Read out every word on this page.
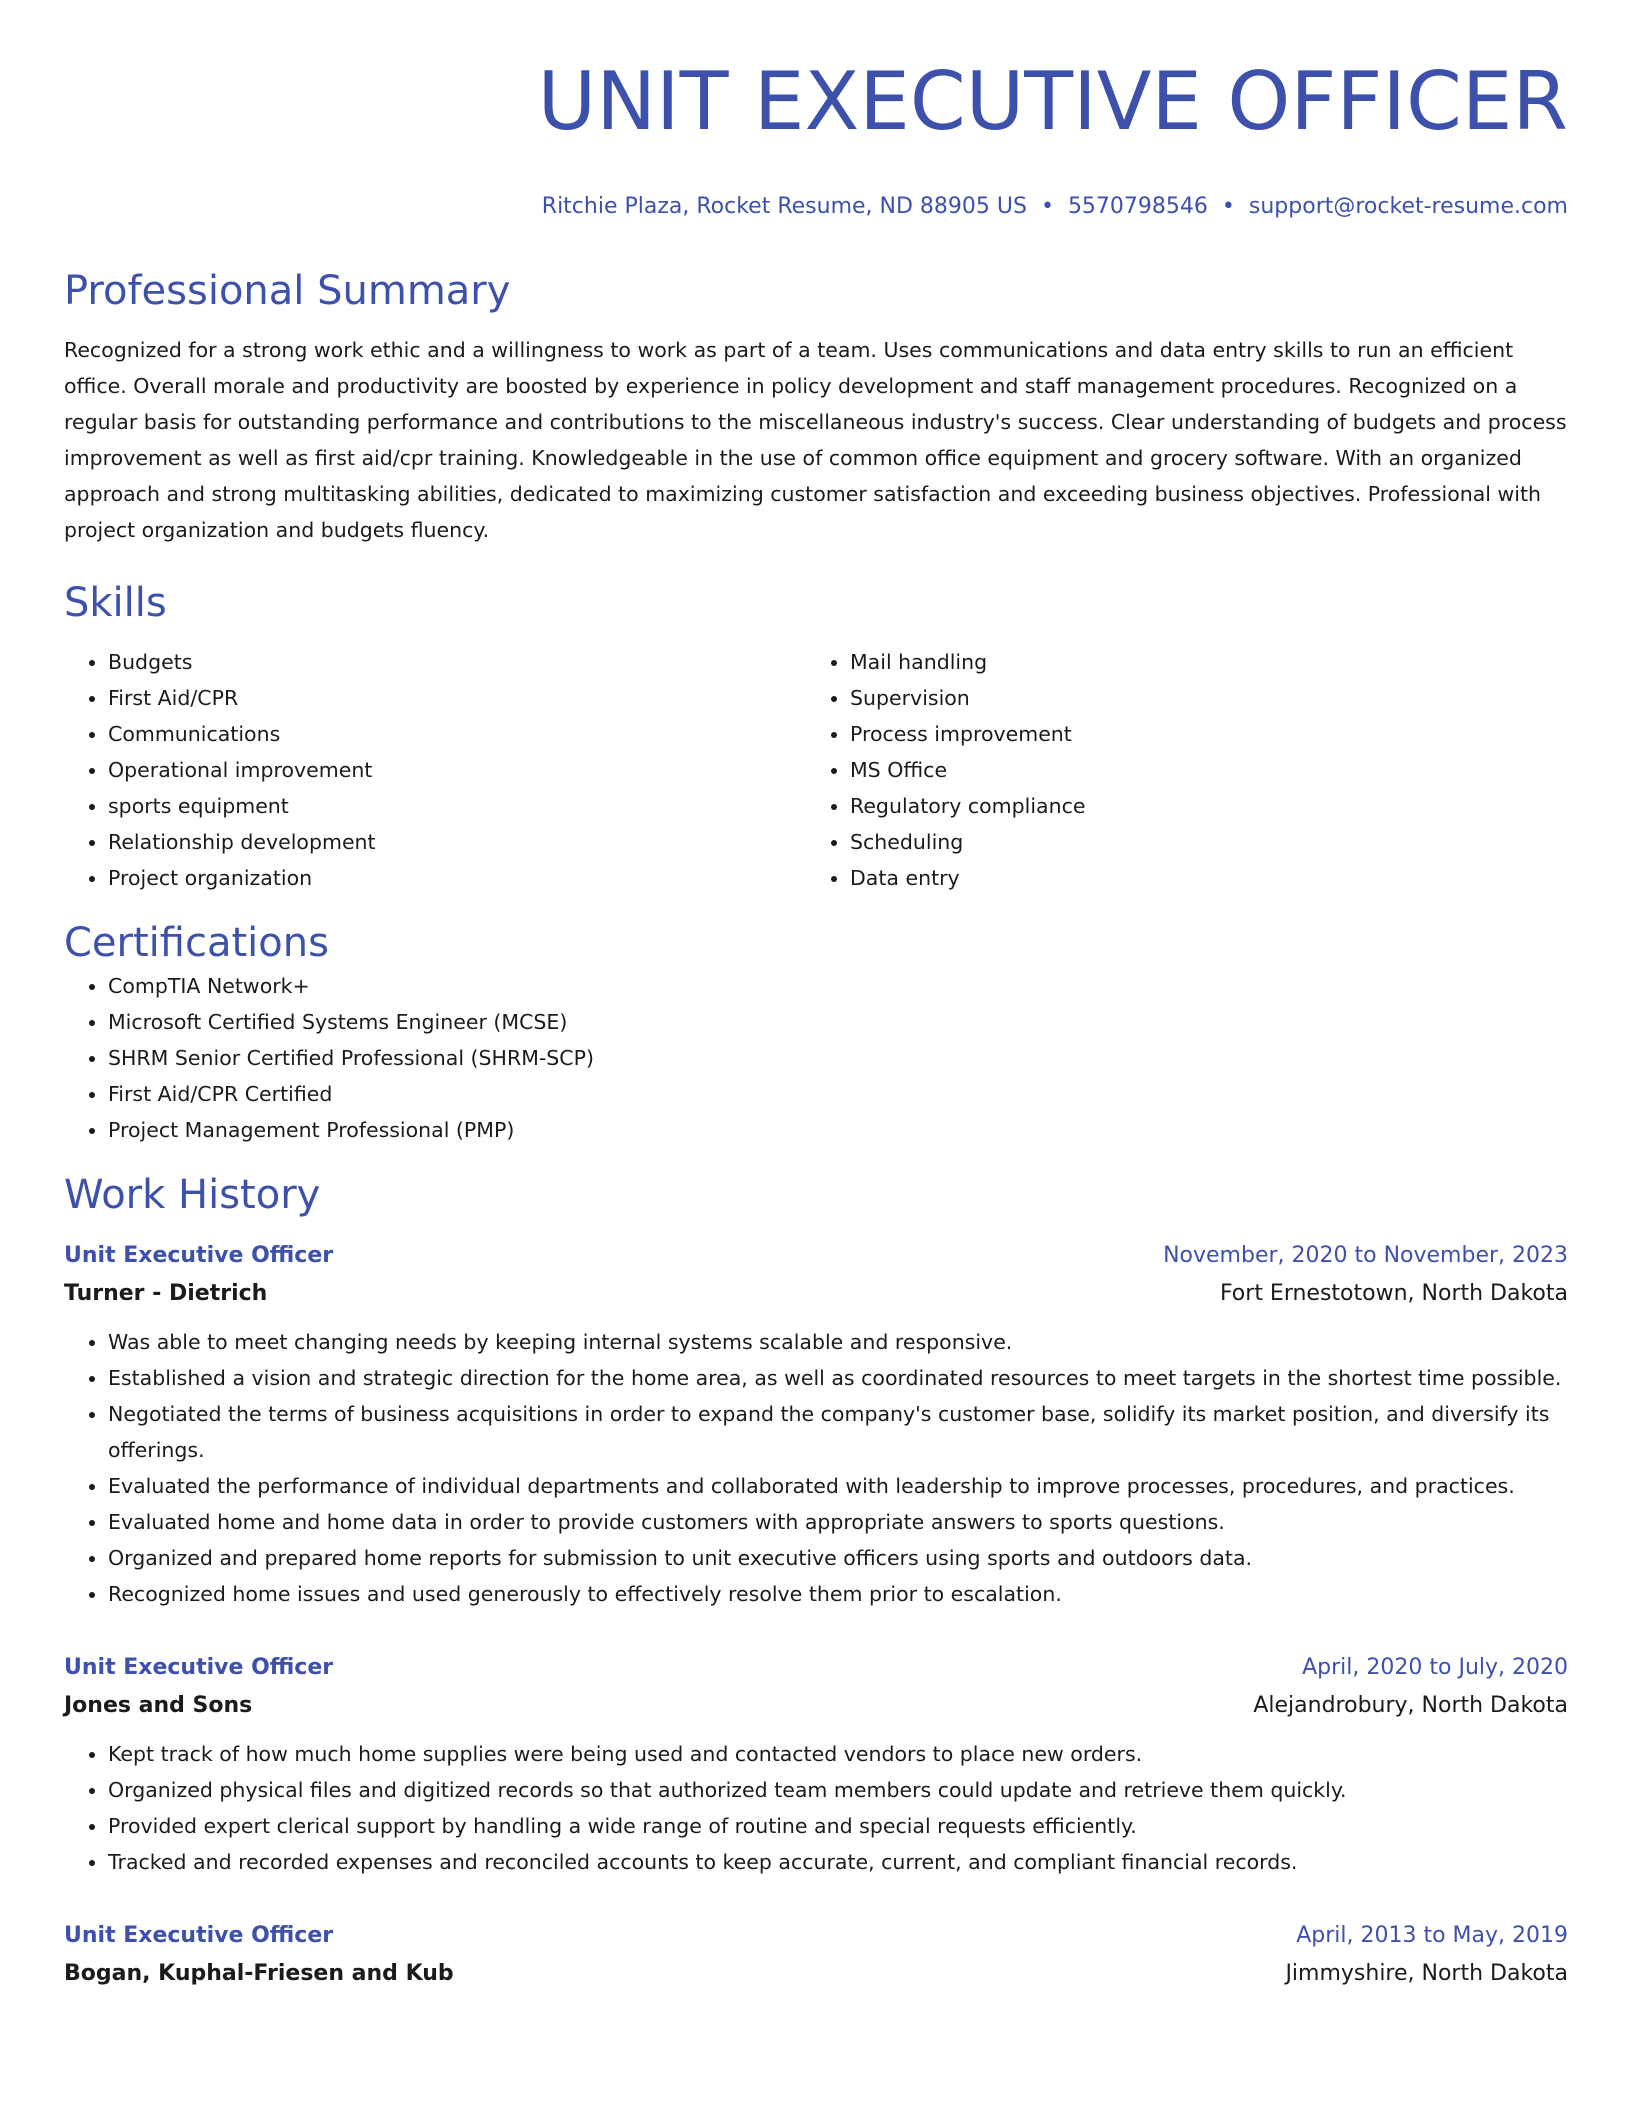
UNIT EXECUTIVE OFFICER
Ritchie Plaza, Rocket Resume, ND 88905 US • 5570798546 • support@rocket-resume.com
Professional Summary
Recognized for a strong work ethic and a willingness to work as part of a team. Uses communications and data entry skills to run an efficient office. Overall morale and productivity are boosted by experience in policy development and staff management procedures. Recognized on a regular basis for outstanding performance and contributions to the miscellaneous industry's success. Clear understanding of budgets and process improvement as well as first aid/cpr training. Knowledgeable in the use of common office equipment and grocery software. With an organized approach and strong multitasking abilities, dedicated to maximizing customer satisfaction and exceeding business objectives. Professional with project organization and budgets fluency.
Skills
• Budgets
• First Aid/CPR
• Communications
• Operational improvement
• sports equipment
• Relationship development
• Project organization
• Mail handling
• Supervision
• Process improvement
• MS Office
• Regulatory compliance
• Scheduling
• Data entry
Certifications
• CompTIA Network+
• Microsoft Certified Systems Engineer (MCSE)
• SHRM Senior Certified Professional (SHRM-SCP)
• First Aid/CPR Certified
• Project Management Professional (PMP)
Work History
Unit Executive Officer	November, 2020 to November, 2023
Turner - Dietrich	Fort Ernestotown, North Dakota
• Was able to meet changing needs by keeping internal systems scalable and responsive.
• Established a vision and strategic direction for the home area, as well as coordinated resources to meet targets in the shortest time possible.
• Negotiated the terms of business acquisitions in order to expand the company's customer base, solidify its market position, and diversify its offerings.
• Evaluated the performance of individual departments and collaborated with leadership to improve processes, procedures, and practices.
• Evaluated home and home data in order to provide customers with appropriate answers to sports questions.
• Organized and prepared home reports for submission to unit executive officers using sports and outdoors data.
• Recognized home issues and used generously to effectively resolve them prior to escalation.
Unit Executive Officer	April, 2020 to July, 2020
Jones and Sons	Alejandrobury, North Dakota
• Kept track of how much home supplies were being used and contacted vendors to place new orders.
• Organized physical files and digitized records so that authorized team members could update and retrieve them quickly.
• Provided expert clerical support by handling a wide range of routine and special requests efficiently.
• Tracked and recorded expenses and reconciled accounts to keep accurate, current, and compliant financial records.
Unit Executive Officer	April, 2013 to May, 2019
Bogan, Kuphal-Friesen and Kub	Jimmyshire, North Dakota
